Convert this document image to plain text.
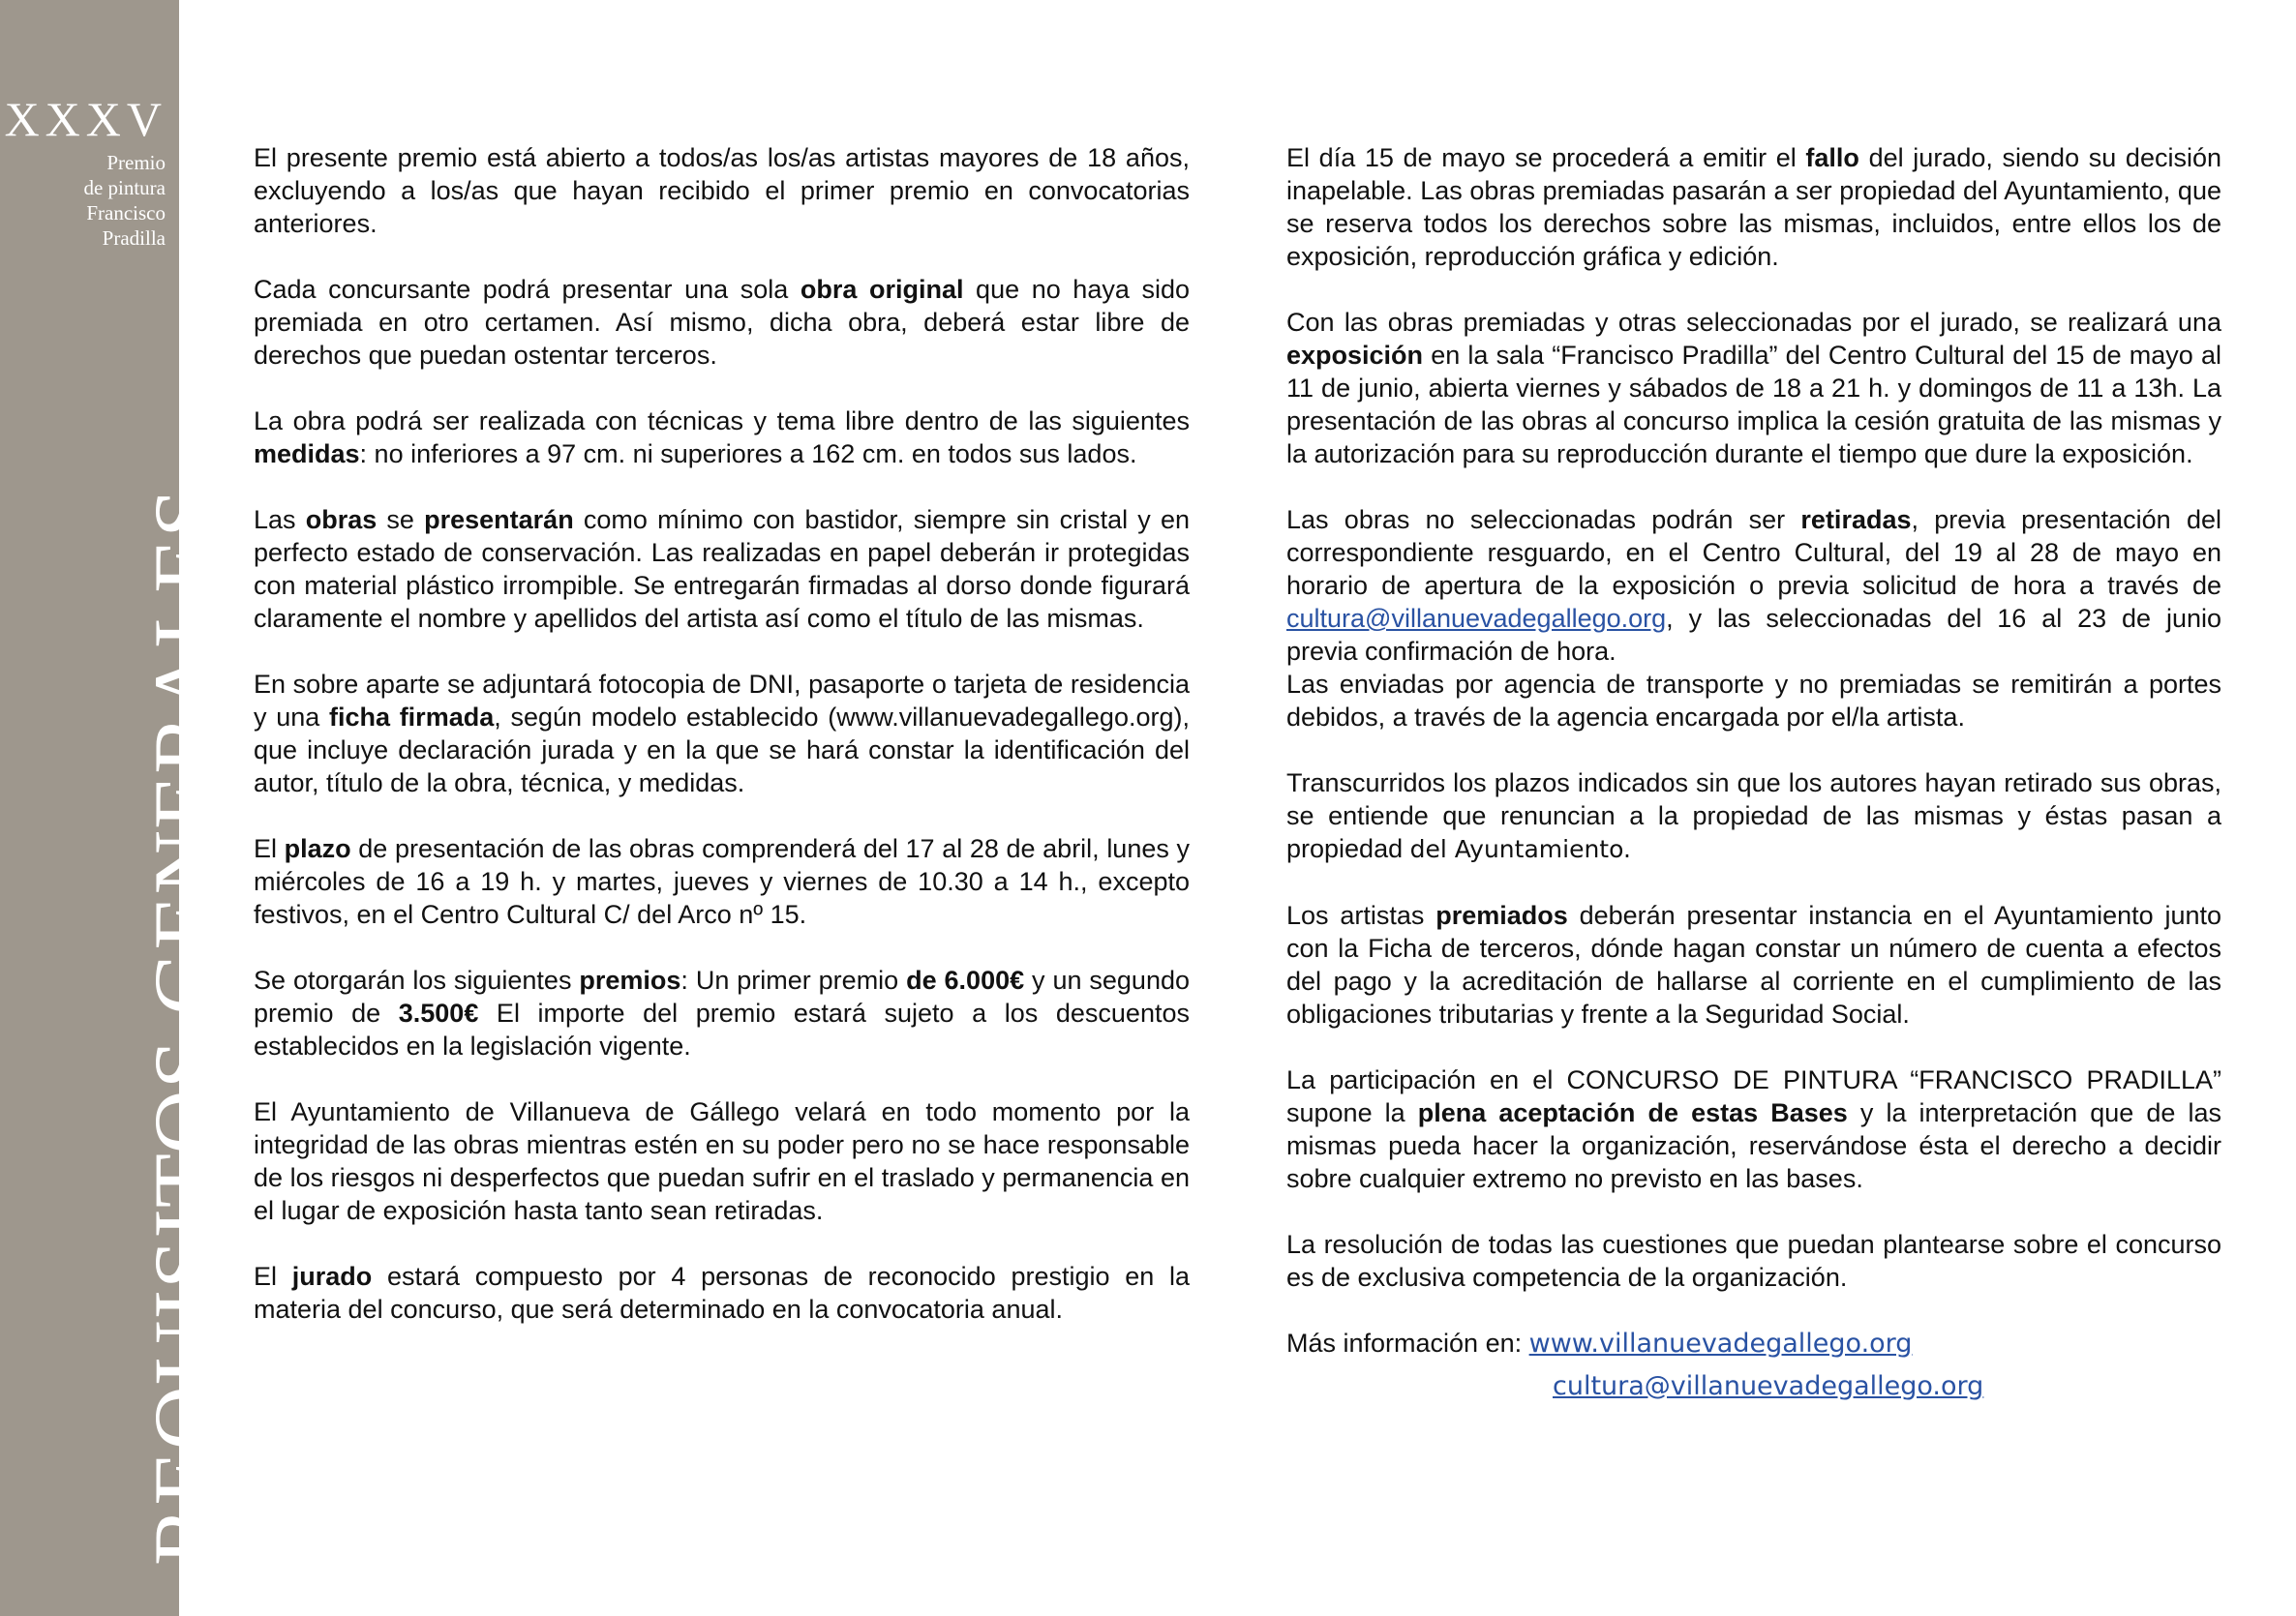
XXXV
Premio
de pintura
Francisco
Pradilla
REQUISITOS GENERALES

El presente premio está abierto a todos/as los/as artistas mayores de 18 años, excluyendo a los/as que hayan recibido el primer premio en convocatorias anteriores.

Cada concursante podrá presentar una sola obra original que no haya sido premiada en otro certamen. Así mismo, dicha obra, deberá estar libre de derechos que puedan ostentar terceros.

La obra podrá ser realizada con técnicas y tema libre dentro de las siguientes medidas: no inferiores a 97 cm. ni superiores a 162 cm. en todos sus lados.

Las obras se presentarán como mínimo con bastidor, siempre sin cristal y en perfecto estado de conservación. Las realizadas en papel deberán ir protegidas con material plástico irrompible. Se entregarán firmadas al dorso donde figurará claramente el nombre y apellidos del artista así como el título de las mismas.

En sobre aparte se adjuntará fotocopia de DNI, pasaporte o tarjeta de residencia y una ficha firmada, según modelo establecido (www.villanuevadegallego.org), que incluye declaración jurada y en la que se hará constar la identificación del autor, título de la obra, técnica, y medidas.

El plazo de presentación de las obras comprenderá del 17 al 28 de abril, lunes y miércoles de 16 a 19 h. y martes, jueves y viernes de 10.30 a 14 h., excepto festivos, en el Centro Cultural C/ del Arco nº 15.

Se otorgarán los siguientes premios: Un primer premio de 6.000€ y un segundo premio de 3.500€ El importe del premio estará sujeto a los descuentos establecidos en la legislación vigente.

El Ayuntamiento de Villanueva de Gállego velará en todo momento por la integridad de las obras mientras estén en su poder pero no se hace responsable de los riesgos ni desperfectos que puedan sufrir en el traslado y permanencia en el lugar de exposición hasta tanto sean retiradas.

El jurado estará compuesto por 4 personas de reconocido prestigio en la materia del concurso, que será determinado en la convocatoria anual.

El día 15 de mayo se procederá a emitir el fallo del jurado, siendo su decisión inapelable. Las obras premiadas pasarán a ser propiedad del Ayuntamiento, que se reserva todos los derechos sobre las mismas, incluidos, entre ellos los de exposición, reproducción gráfica y edición.

Con las obras premiadas y otras seleccionadas por el jurado, se realizará una exposición en la sala “Francisco Pradilla” del Centro Cultural del 15 de mayo al 11 de junio, abierta viernes y sábados de 18 a 21 h. y domingos de 11 a 13h. La presentación de las obras al concurso implica la cesión gratuita de las mismas y la autorización para su reproducción durante el tiempo que dure la exposición.

Las obras no seleccionadas podrán ser retiradas, previa presentación del correspondiente resguardo, en el Centro Cultural, del 19 al 28 de mayo en horario de apertura de la exposición o previa solicitud de hora a través de cultura@villanuevadegallego.org, y las seleccionadas del 16 al 23 de junio previa confirmación de hora.

Las enviadas por agencia de transporte y no premiadas se remitirán a portes debidos, a través de la agencia encargada por el/la artista.

Transcurridos los plazos indicados sin que los autores hayan retirado sus obras, se entiende que renuncian a la propiedad de las mismas y éstas pasan a propiedad del Ayuntamiento.

Los artistas premiados deberán presentar instancia en el Ayuntamiento junto con la Ficha de terceros, dónde hagan constar un número de cuenta a efectos del pago y la acreditación de hallarse al corriente en el cumplimiento de las obligaciones tributarias y frente a la Seguridad Social.

La participación en el CONCURSO DE PINTURA “FRANCISCO PRADILLA” supone la plena aceptación de estas Bases y la interpretación que de las mismas pueda hacer la organización, reservándose ésta el derecho a decidir sobre cualquier extremo no previsto en las bases.

La resolución de todas las cuestiones que puedan plantearse sobre el concurso es de exclusiva competencia de la organización.

Más información en: www.villanuevadegallego.org
cultura@villanuevadegallego.org
